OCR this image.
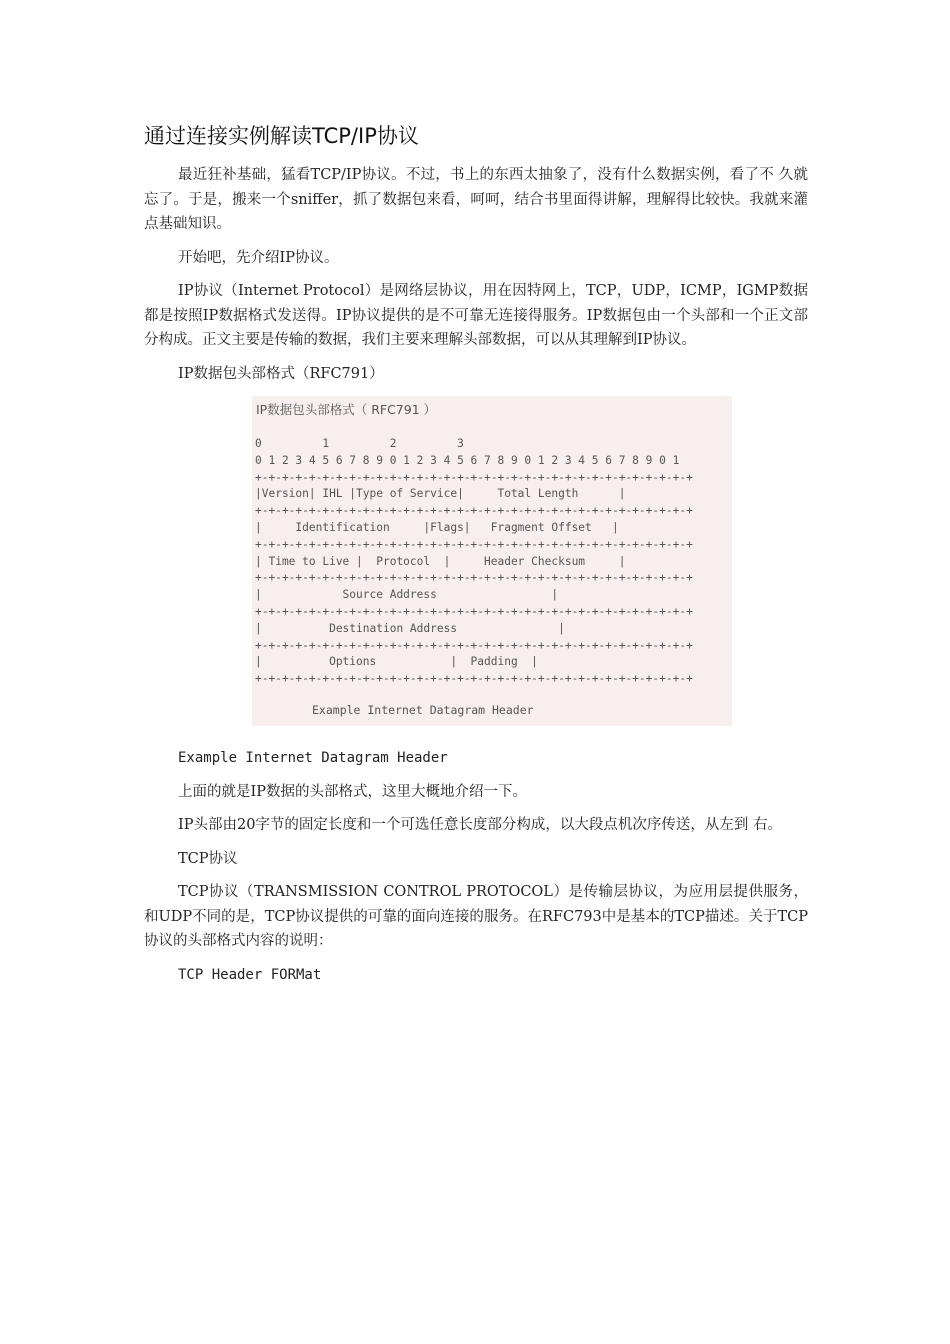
通过连接实例解读TCP/IP协议

最近狂补基础，猛看TCP/IP协议。不过，书上的东西太抽象了，没有什么数据实例，看了不 久就忘了。于是，搬来一个sniffer，抓了数据包来看，呵呵，结合书里面得讲解，理解得比较快。我就来灌点基础知识。

开始吧，先介绍IP协议。

IP协议（Internet Protocol）是网络层协议，用在因特网上，TCP，UDP，ICMP，IGMP数据都是按照IP数据格式发送得。IP协议提供的是不可靠无连接得服务。IP数据包由一个头部和一个正文部分构成。正文主要是传输的数据，我们主要来理解头部数据，可以从其理解到IP协议。

IP数据包头部格式（RFC791）

IP数据包头部格式（ RFC791 ）
0         1         2         3
0 1 2 3 4 5 6 7 8 9 0 1 2 3 4 5 6 7 8 9 0 1 2 3 4 5 6 7 8 9 0 1
+-+-+-+-+-+-+-+-+-+-+-+-+-+-+-+-+-+-+-+-+-+-+-+-+-+-+-+-+-+-+-+-+
|Version| IHL |Type of Service|     Total Length      |
+-+-+-+-+-+-+-+-+-+-+-+-+-+-+-+-+-+-+-+-+-+-+-+-+-+-+-+-+-+-+-+-+
|     Identification     |Flags|   Fragment Offset   |
+-+-+-+-+-+-+-+-+-+-+-+-+-+-+-+-+-+-+-+-+-+-+-+-+-+-+-+-+-+-+-+-+
| Time to Live |  Protocol  |     Header Checksum     |
+-+-+-+-+-+-+-+-+-+-+-+-+-+-+-+-+-+-+-+-+-+-+-+-+-+-+-+-+-+-+-+-+
|            Source Address                 |
+-+-+-+-+-+-+-+-+-+-+-+-+-+-+-+-+-+-+-+-+-+-+-+-+-+-+-+-+-+-+-+-+
|          Destination Address               |
+-+-+-+-+-+-+-+-+-+-+-+-+-+-+-+-+-+-+-+-+-+-+-+-+-+-+-+-+-+-+-+-+
|          Options           |  Padding  |
+-+-+-+-+-+-+-+-+-+-+-+-+-+-+-+-+-+-+-+-+-+-+-+-+-+-+-+-+-+-+-+-+
Example Internet Datagram Header

Example Internet Datagram Header

上面的就是IP数据的头部格式，这里大概地介绍一下。

IP头部由20字节的固定长度和一个可选任意长度部分构成，以大段点机次序传送，从左到 右。

TCP协议

TCP协议（TRANSMISSION CONTROL PROTOCOL）是传输层协议，为应用层提供服务，和UDP不同的是，TCP协议提供的可靠的面向连接的服务。在RFC793中是基本的TCP描述。关于TCP协议的头部格式内容的说明：

TCP Header FORMat
